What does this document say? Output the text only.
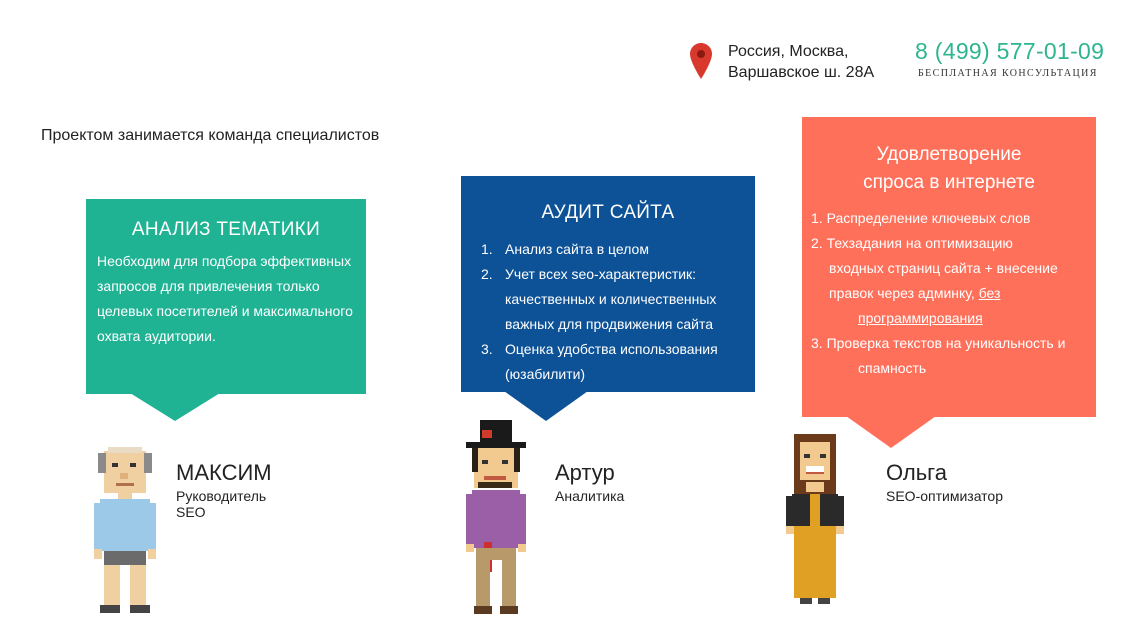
Россия, Москва,
Варшавское ш. 28А
8 (499) 577-01-09
БЕСПЛАТНАЯ КОНСУЛЬТАЦИЯ
Проектом занимается команда специалистов
АНАЛИЗ ТЕМАТИКИ
Необходим для подбора эффективных запросов для привлечения только целевых посетителей и максимального охвата аудитории.
АУДИТ САЙТА
1. Анализ сайта в целом
2. Учет всех seo-характеристик:
качественных и количественных
важных для продвижения сайта
3. Оценка удобства использования
(юзабилити)
Удовлетворение
спроса в интернете
1. Распределение ключевых слов
2. Техзадания на оптимизацию
входных страниц сайта + внесение
правок через админку, без
программирования
3. Проверка текстов на уникальность и
спамность
МАКСИМ
Руководитель
SEO
Артур
Аналитика
Ольга
SEO-оптимизатор
